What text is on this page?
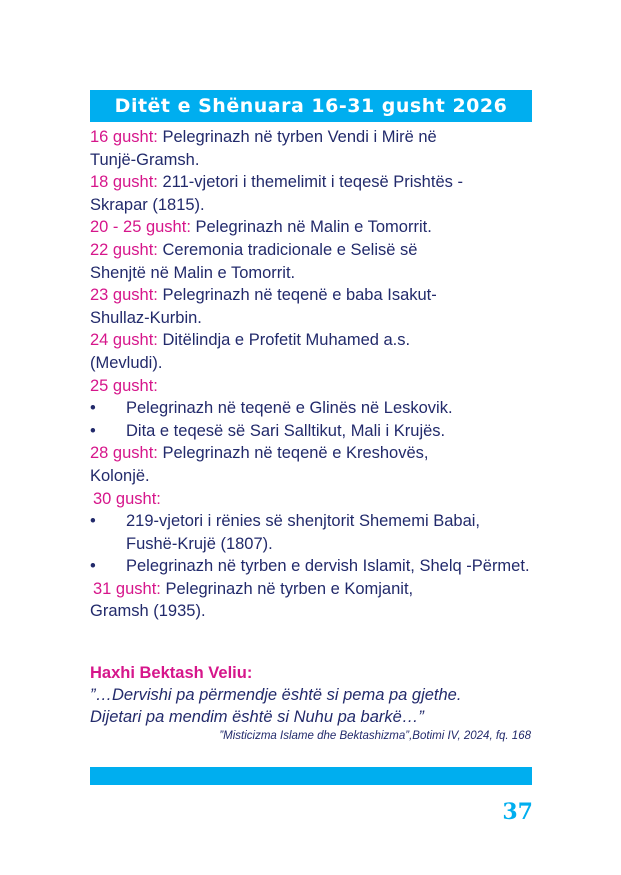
Ditët e Shënuara 16-31 gusht 2026

16 gusht: Pelegrinazh në tyrben Vendi i Mirë në
Tunjë-Gramsh.

18 gusht: 211-vjetori i themelimit i teqesë Prishtës -
Skrapar (1815).

20 - 25 gusht: Pelegrinazh në Malin e Tomorrit.

22 gusht: Ceremonia tradicionale e Selisë së
Shenjtë në Malin e Tomorrit.

23 gusht: Pelegrinazh në teqenë e baba Isakut-
Shullaz-Kurbin.

24 gusht: Ditëlindja e Profetit Muhamed a.s.
(Mevludi).

25 gusht:

• Pelegrinazh në teqenë e Glinës në Leskovik.

• Dita e teqesë së Sari Salltikut, Mali i Krujës.

28 gusht: Pelegrinazh në teqenë e Kreshovës,
Kolonjë.

30 gusht:

• 219-vjetori i rënies së shenjtorit Shememi Babai, Fushë-Krujë (1807).

• Pelegrinazh në tyrben e dervish Islamit, Shelq -Përmet.

31 gusht: Pelegrinazh në tyrben e Komjanit,

Gramsh (1935).

Haxhi Bektash Veliu:

”…Dervishi pa përmendje është si pema pa gjethe.

Dijetari pa mendim është si Nuhu pa barkë…”

”Misticizma Islame dhe Bektashizma”,Botimi IV, 2024, fq. 168

37
